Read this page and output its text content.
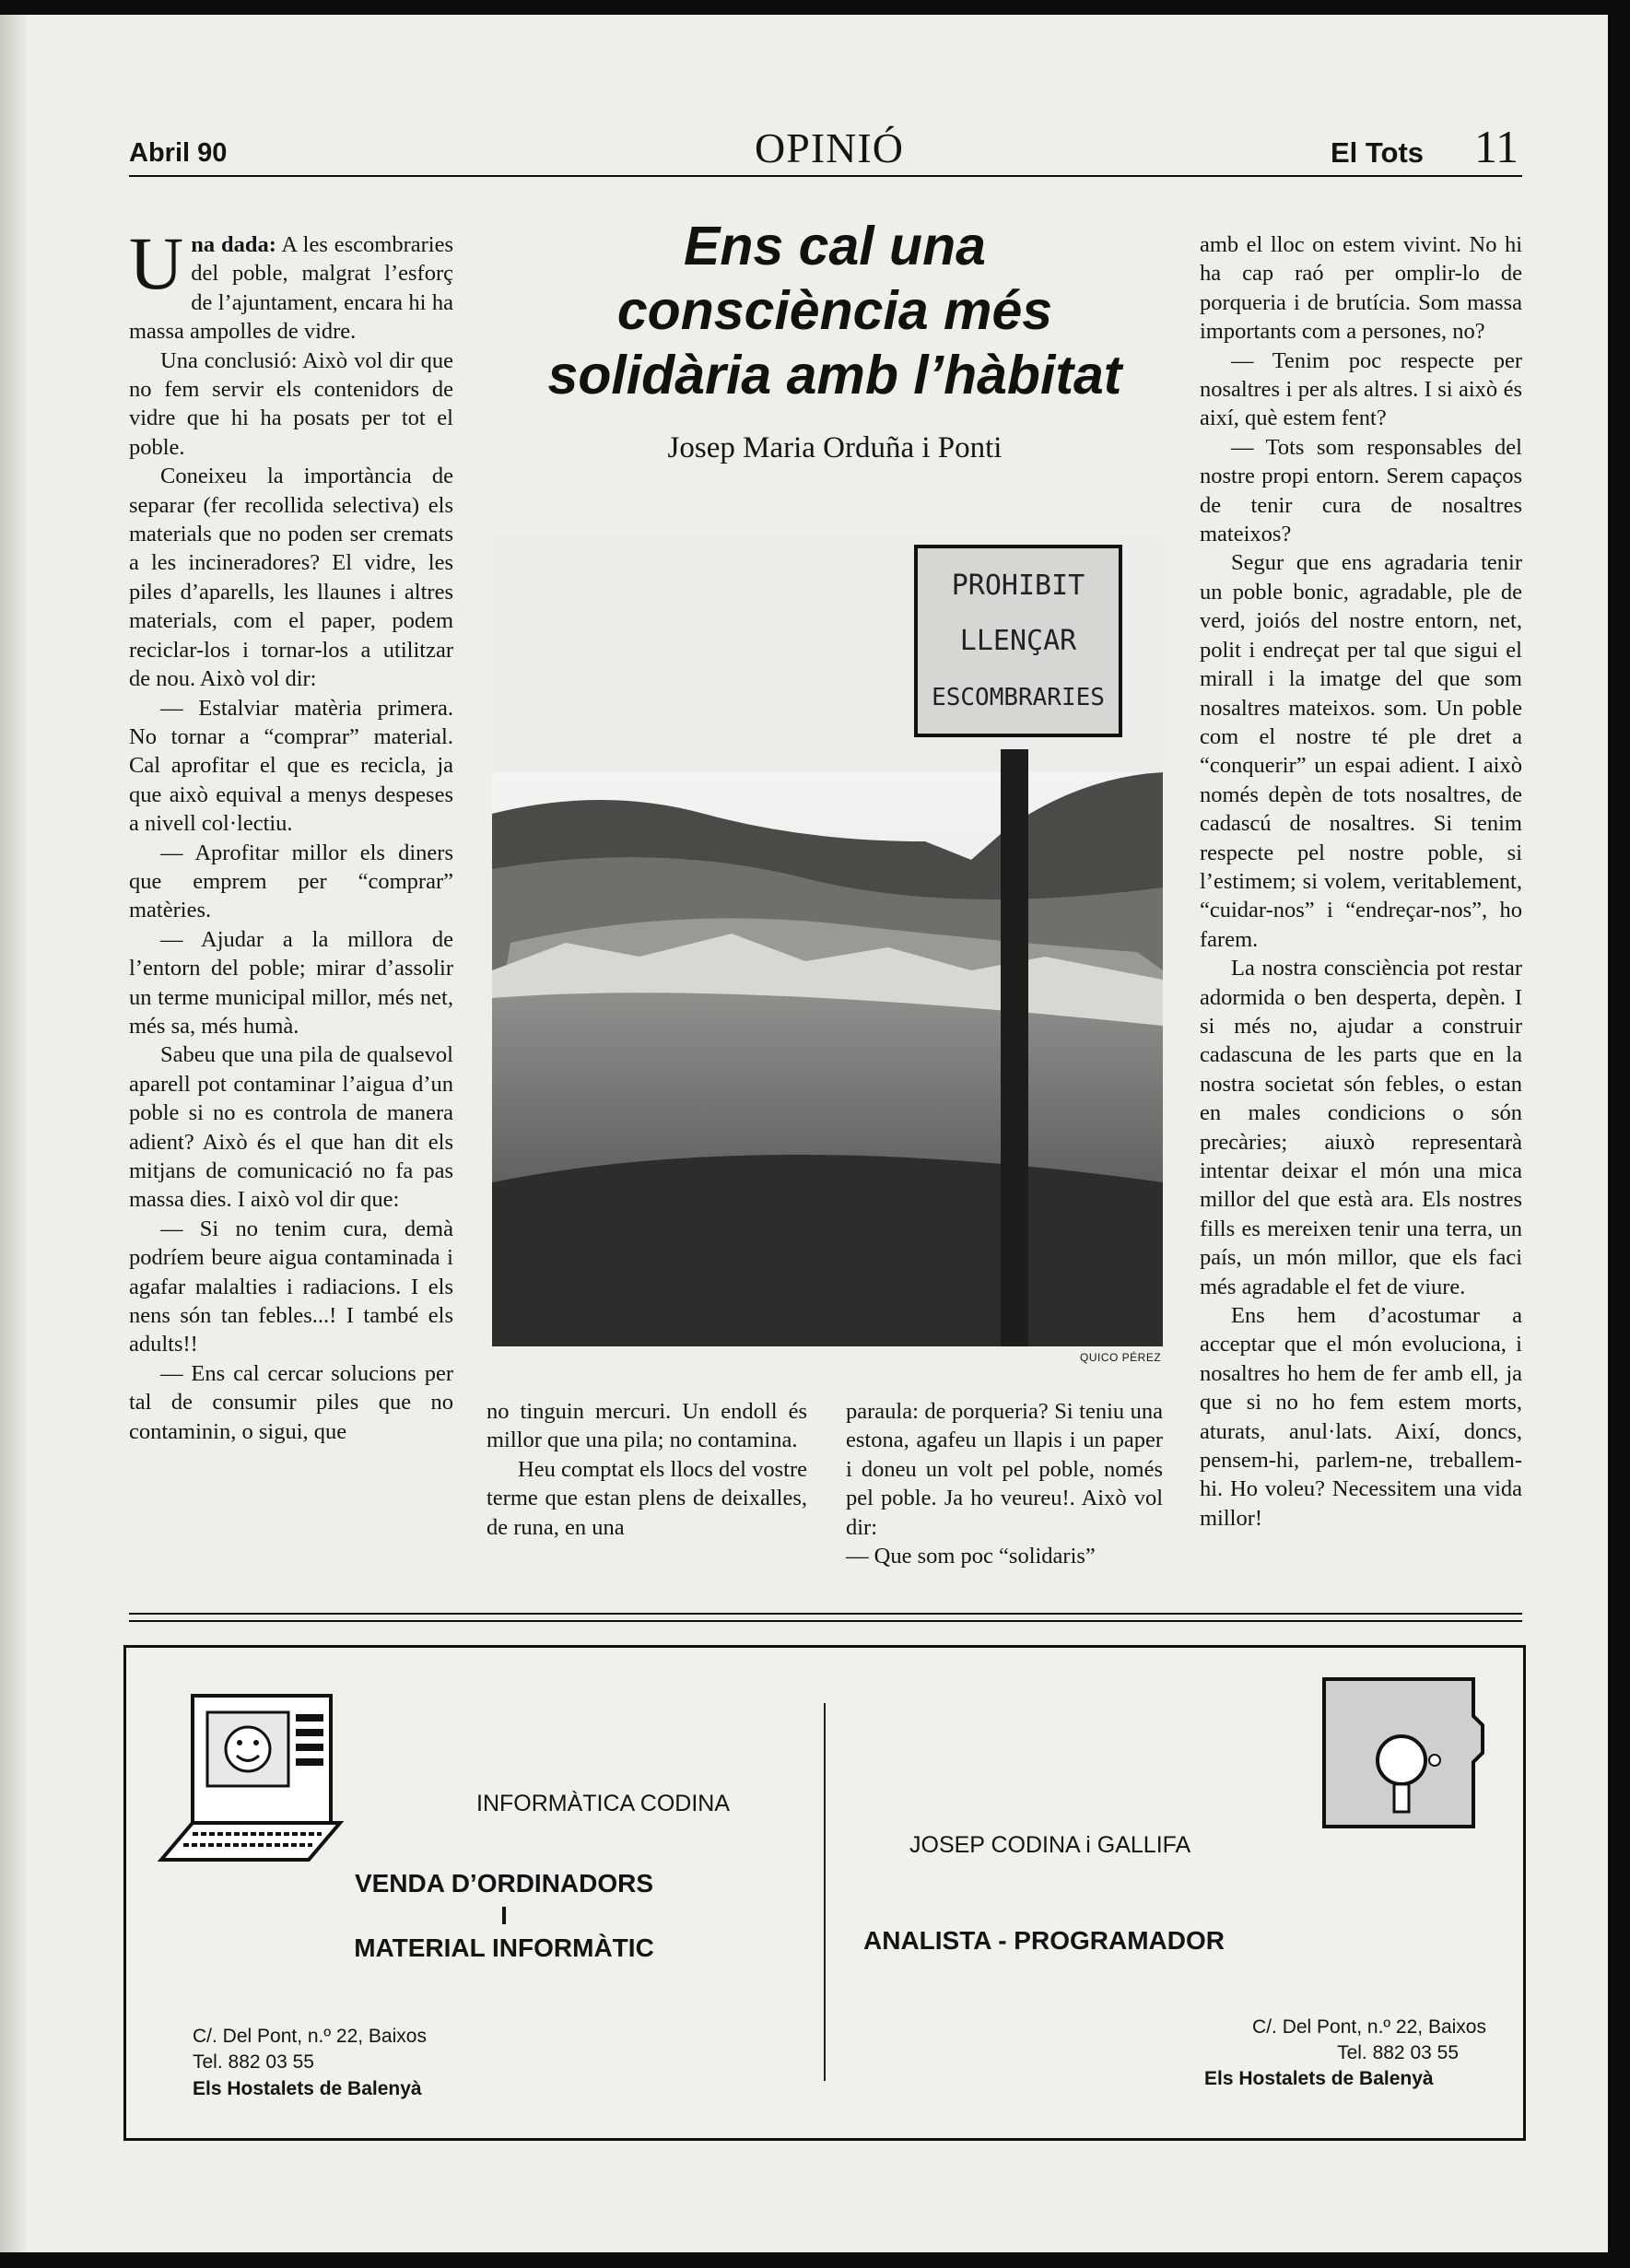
Abril 90	OPINIÓ	El Tots 11

Una dada: A les escombraries del poble, malgrat l’esforç de l’ajuntament, encara hi ha massa ampolles de vidre.

Una conclusió: Això vol dir que no fem servir els contenidors de vidre que hi ha posats per tot el poble.

Coneixeu la importància de separar (fer recollida selectiva) els materials que no poden ser cremats a les incineradores? El vidre, les piles d’aparells, les llaunes i altres materials, com el paper, podem reciclar-los i tornar-los a utilitzar de nou. Això vol dir:

— Estalviar matèria primera. No tornar a “comprar” material. Cal aprofitar el que es recicla, ja que això equival a menys despeses a nivell col·lectiu.

— Aprofitar millor els diners que emprem per “comprar” matèries.

— Ajudar a la millora de l’entorn del poble; mirar d’assolir un terme municipal millor, més net, més sa, més humà.

Sabeu que una pila de qualsevol aparell pot contaminar l’aigua d’un poble si no es controla de manera adient? Això és el que han dit els mitjans de comunicació no fa pas massa dies. I això vol dir que:

— Si no tenim cura, demà podríem beure aigua contaminada i agafar malalties i radiacions. I els nens són tan febles...! I també els adults!!

— Ens cal cercar solucions per tal de consumir piles que no contaminin, o sigui, que

Ens cal una
consciència més
solidària amb l’hàbitat
Josep Maria Orduña i Ponti
PROHIBIT
LLENÇAR
ESCOMBRARIES
QUICO PÉREZ

no tinguin mercuri. Un endoll és millor que una pila; no contamina.

Heu comptat els llocs del vostre terme que estan plens de deixalles, de runa, en una

paraula: de porqueria? Si teniu una estona, agafeu un llapis i un paper i doneu un volt pel poble, només pel poble. Ja ho veureu!. Això vol dir:

— Que som poc “solidaris”

amb el lloc on estem vivint. No hi ha cap raó per omplir-lo de porqueria i de brutícia. Som massa importants com a persones, no?

— Tenim poc respecte per nosaltres i per als altres. I si això és així, què estem fent?

— Tots som responsables del nostre propi entorn. Serem capaços de tenir cura de nosaltres mateixos?

Segur que ens agradaria tenir un poble bonic, agradable, ple de verd, joiós del nostre entorn, net, polit i endreçat per tal que sigui el mirall i la imatge del que som nosaltres mateixos. som. Un poble com el nostre té ple dret a “conquerir” un espai adient. I això només depèn de tots nosaltres, de cadascú de nosaltres. Si tenim respecte pel nostre poble, si l’estimem; si volem, veritablement, “cuidar-nos” i “endreçar-nos”, ho farem.

La nostra consciència pot restar adormida o ben desperta, depèn. I si més no, ajudar a construir cadascuna de les parts que en la nostra societat són febles, o estan en males condicions o són precàries; aiuxò representarà intentar deixar el món una mica millor del que està ara. Els nostres fills es mereixen tenir una terra, un país, un món millor, que els faci més agradable el fet de viure.

Ens hem d’acostumar a acceptar que el món evoluciona, i nosaltres ho hem de fer amb ell, ja que si no ho fem estem morts, aturats, anul·lats. Així, doncs, pensem-hi, parlem-ne, treballem-hi. Ho voleu? Necessitem una vida millor!

INFORMÀTICA CODINA
VENDA D’ORDINADORS
I
MATERIAL INFORMÀTIC
C/. Del Pont, n.º 22, Baixos
Tel. 882 03 55
Els Hostalets de Balenyà
JOSEP CODINA i GALLIFA
ANALISTA - PROGRAMADOR
C/. Del Pont, n.º 22, Baixos
Tel. 882 03 55
Els Hostalets de Balenyà
